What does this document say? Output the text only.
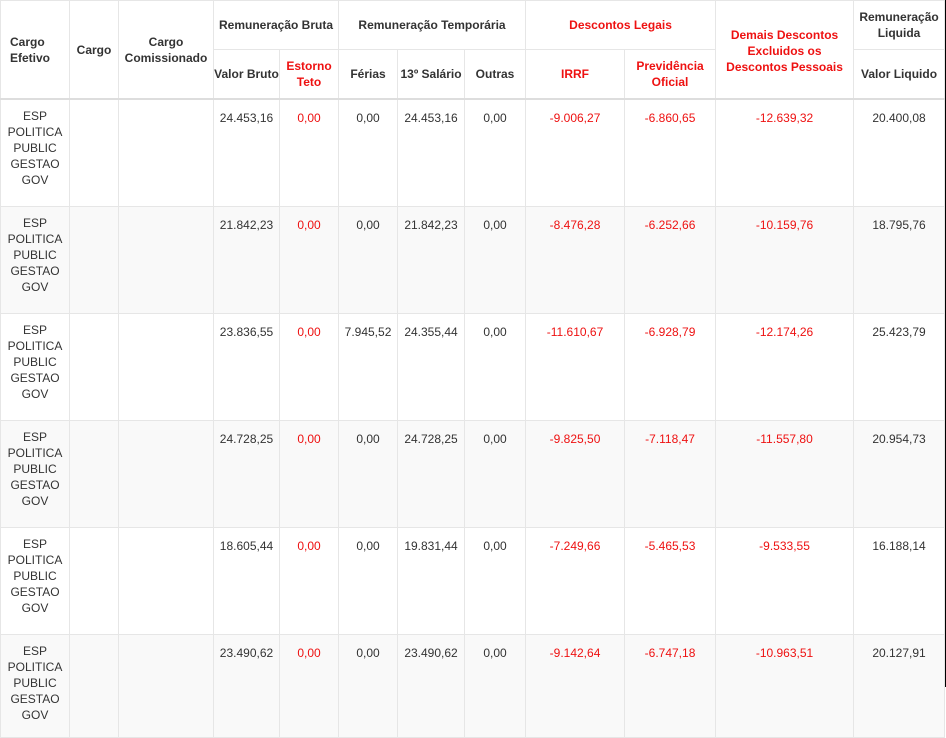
Cargo Efetivo	Cargo	Cargo Comissionado	Remuneração Bruta		Remuneração Temporária			Descontos Legais		Demais Descontos Excluidos os Descontos Pessoais	Remuneração Liquida
			Valor Bruto	Estorno Teto	Férias	13º Salário	Outras	IRRF	Previdência Oficial		Valor Liquido
ESP POLITICA PUBLIC GESTAO GOV			24.453,16	0,00	0,00	24.453,16	0,00	-9.006,27	-6.860,65	-12.639,32	20.400,08
ESP POLITICA PUBLIC GESTAO GOV			21.842,23	0,00	0,00	21.842,23	0,00	-8.476,28	-6.252,66	-10.159,76	18.795,76
ESP POLITICA PUBLIC GESTAO GOV			23.836,55	0,00	7.945,52	24.355,44	0,00	-11.610,67	-6.928,79	-12.174,26	25.423,79
ESP POLITICA PUBLIC GESTAO GOV			24.728,25	0,00	0,00	24.728,25	0,00	-9.825,50	-7.118,47	-11.557,80	20.954,73
ESP POLITICA PUBLIC GESTAO GOV			18.605,44	0,00	0,00	19.831,44	0,00	-7.249,66	-5.465,53	-9.533,55	16.188,14
ESP POLITICA PUBLIC GESTAO GOV			23.490,62	0,00	0,00	23.490,62	0,00	-9.142,64	-6.747,18	-10.963,51	20.127,91
